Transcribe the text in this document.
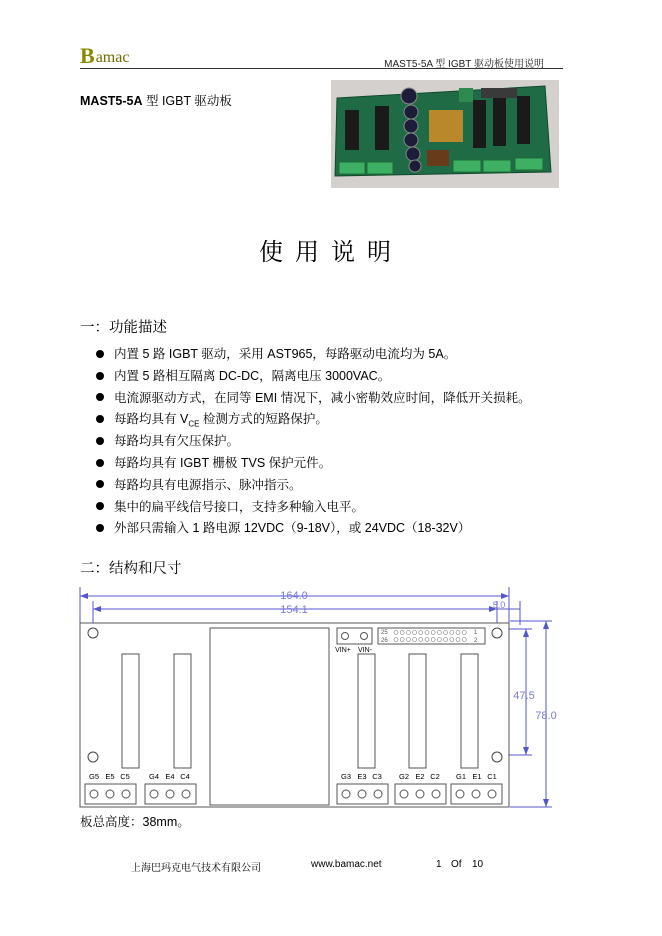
B amac	MAST5-5A 型 IGBT 驱动板使用说明
MAST5-5A 型 IGBT 驱动板
使用说明
一：功能描述
内置 5 路 IGBT 驱动，采用 AST965，每路驱动电流均为 5A。
内置 5 路相互隔离 DC-DC，隔离电压 3000VAC。
电流源驱动方式，在同等 EMI 情况下，减小密勒效应时间，降低开关损耗。
每路均具有 $V_{CE}$ 检测方式的短路保护。
每路均具有欠压保护。
每路均具有 IGBT 栅极 TVS 保护元件。
每路均具有电源指示、脉冲指示。
集中的扁平线信号接口，支持多种输入电平。
外部只需输入 1 路电源 12VDC（9-18V），或 24VDC（18-32V）
二：结构和尺寸
164.0
154.1	5.0
47.5
78.0
VIN+ VIN-
25
26
1
2
G5 E5 C5	G4 E4 C4	G3 E3 C3 G2 E2 C2 G1 E1 C1
板总高度：38mm。
上海巴玛克电气技术有限公司	www.bamac.net	1 Of 10
